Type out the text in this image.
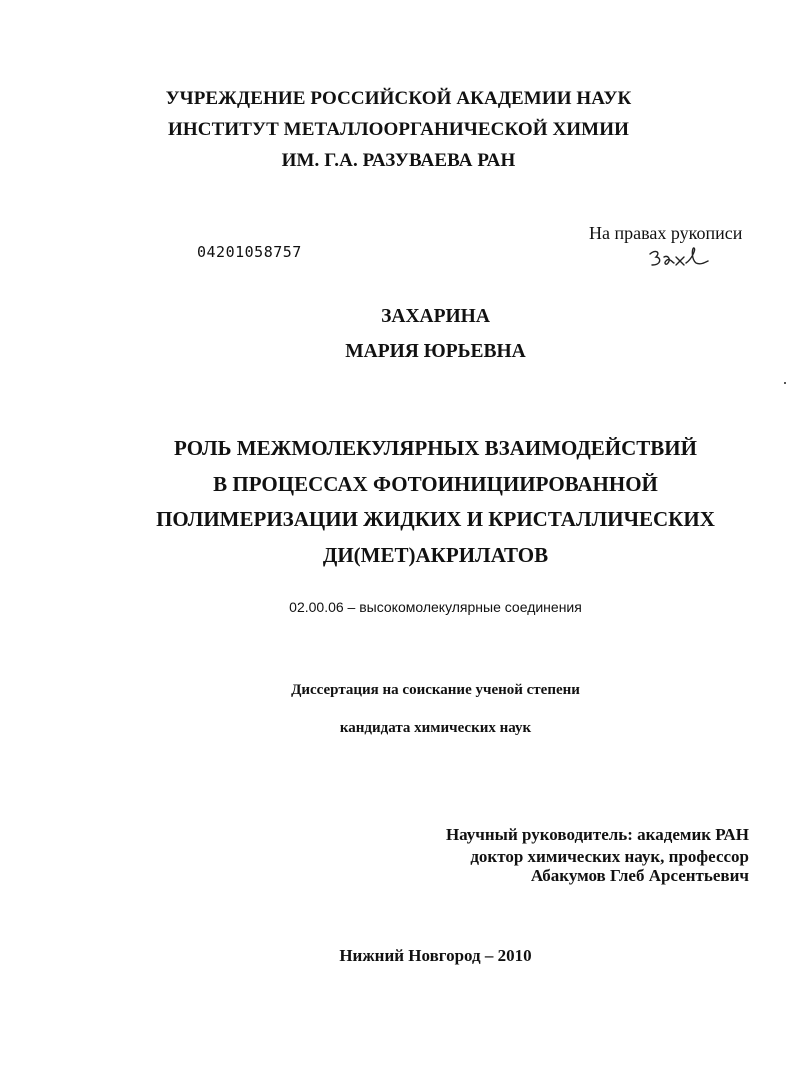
УЧРЕЖДЕНИЕ РОССИЙСКОЙ АКАДЕМИИ НАУК
ИНСТИТУТ МЕТАЛЛООРГАНИЧЕСКОЙ ХИМИИ
ИМ. Г.А. РАЗУВАЕВА РАН
На правах рукописи
04201058757
ЗАХАРИНА
МАРИЯ ЮРЬЕВНА
РОЛЬ МЕЖМОЛЕКУЛЯРНЫХ ВЗАИМОДЕЙСТВИЙ
В ПРОЦЕССАХ ФОТОИНИЦИИРОВАННОЙ
ПОЛИМЕРИЗАЦИИ ЖИДКИХ И КРИСТАЛЛИЧЕСКИХ
ДИ(МЕТ)АКРИЛАТОВ
02.00.06 – высокомолекулярные соединения
Диссертация на соискание ученой степени
кандидата химических наук
Научный руководитель: академик РАН
доктор химических наук, профессор
Абакумов Глеб Арсентьевич
Нижний Новгород – 2010
